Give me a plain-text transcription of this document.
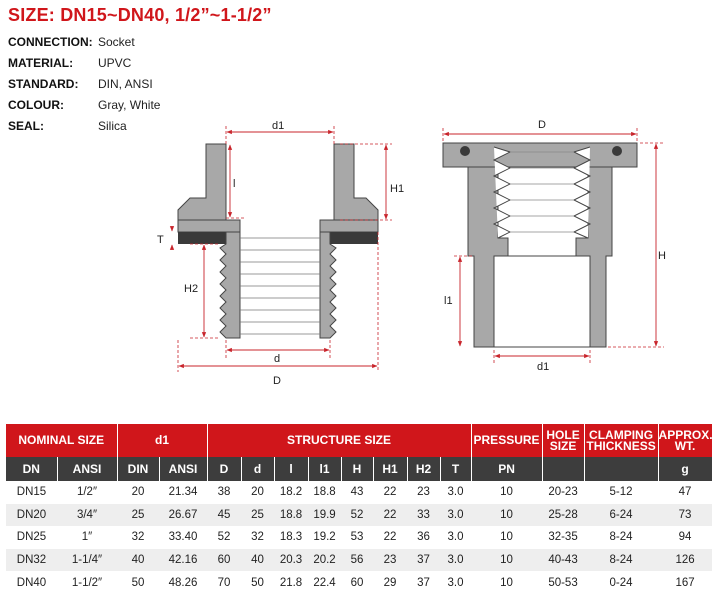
SIZE: DN15~DN40, 1/2”~1-1/2”
CONNECTION: Socket
MATERIAL:	UPVC
STANDARD:	DIN, ANSI
COLOUR:	Gray, White
SEAL:	Silica	d1
l	H1
T
H2
d
D
D
H
l1
d1
NOMINAL SIZE		d1		STRUCTURE SIZE								PRESSURE	HOLE SIZE	CLAMPING THICKNESS	APPROX. WT.
DN	ANSI	DIN	ANSI	D	d	l	l1	H	H1	H2	T	PN			g
DN15	1/2″	20	21.34	38	20	18.2	18.8	43	22	23	3.0	10	20-23	5-12	47
DN20	3/4″	25	26.67	45	25	18.8	19.9	52	22	33	3.0	10	25-28	6-24	73
DN25	1″	32	33.40	52	32	18.3	19.2	53	22	36	3.0	10	32-35	8-24	94
DN32	1-1/4″	40	42.16	60	40	20.3	20.2	56	23	37	3.0	10	40-43	8-24	126
DN40	1-1/2″	50	48.26	70	50	21.8	22.4	60	29	37	3.0	10	50-53	0-24	167
